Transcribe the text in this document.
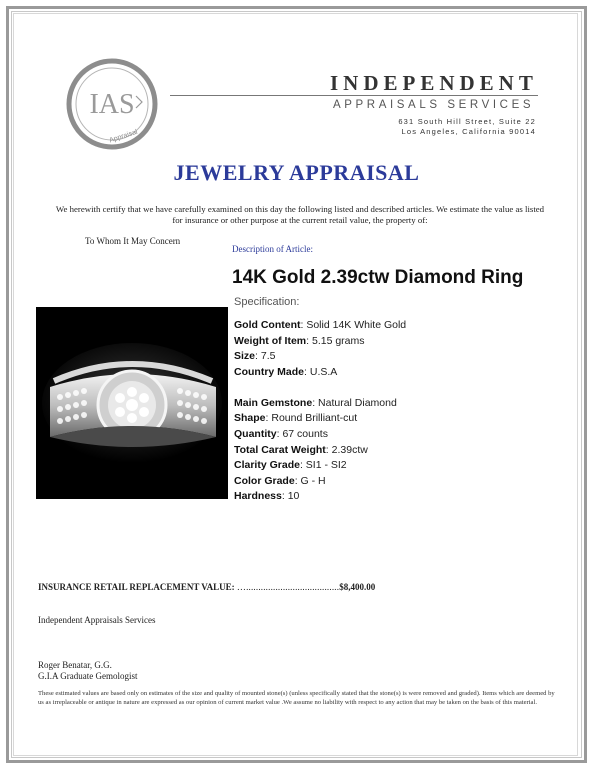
IAS
Appraisal
INDEPENDENT
APPRAISALS SERVICES
631 South Hill Street, Suite 22
Los Angeles, California 90014
JEWELRY APPRAISAL
We herewith certify that we have carefully examined on this day the following listed and described articles. We estimate the value as listed for insurance or other purpose at the current retail value, the property of:
To Whom It May Concern
Description of Article:
14K Gold 2.39ctw Diamond Ring
Specification:
Gold Content: Solid 14K White Gold
Weight of Item: 5.15 grams
Size: 7.5
Country Made: U.S.A
Main Gemstone: Natural Diamond
Shape: Round Brilliant-cut
Quantity: 67 counts
Total Carat Weight: 2.39ctw
Clarity Grade: SI1 - SI2
Color Grade: G - H
Hardness: 10
INSURANCE RETAIL REPLACEMENT VALUE: …......................................$8,400.00
Independent Appraisals Services
Roger Benatar, G.G.
G.I.A Graduate Gemologist
These estimated values are based only on estimates of the size and quality of mounted stone(s) (unless specifically stated that the stone(s) is were removed and graded). Items which are deemed by us as irreplaceable or antique in nature are expressed as our opinion of current market value .We assume no liability with respect to any action that may be taken on the basis of this material.
